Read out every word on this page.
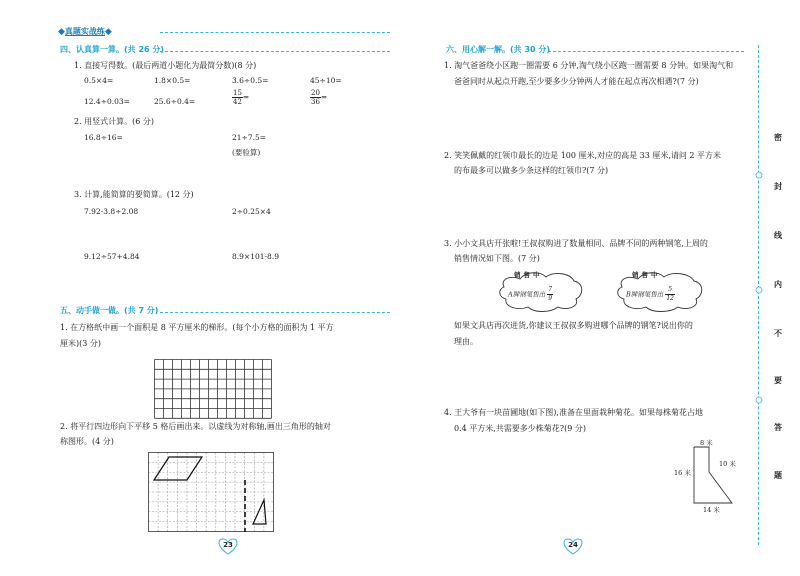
◆真题实战练◆
四、认真算一算。(共 26 分)
1. 直接写得数。(最后两道小题化为最简分数)(8 分)
0.5×4=	1.8×0.5=	3.6÷0.5=	45÷10=
12.4÷0.03=	25.6÷0.4=	$\frac{15}{42}$ =	$\frac{20}{36}$ =
2. 用竖式计算。(6 分)
16.8÷16=	21÷7.5=
(要验算)
3. 计算,能简算的要简算。(12 分)
7.92-3.8÷2.08	2÷0.25×4
9.12÷57+4.84	8.9×101-8.9
五、动手做一做。(共 7 分)
1. 在方格纸中画一个面积是 8 平方厘米的梯形。(每个小方格的面积为 1 平方
厘米)(3 分)
2. 将平行四边形向下平移 5 格后画出来。以虚线为对称轴,画出三角形的轴对
称图形。(4 分)
23
六、用心解一解。(共 30 分)
1. 淘气爸爸绕小区跑一圈需要 6 分钟,淘气绕小区跑一圈需要 8 分钟。如果淘气和
爸爸同时从起点开跑,至少要多少分钟两人才能在起点再次相遇?(7 分)
2. 笑笑佩戴的红领巾最长的边是 100 厘米,对应的高是 33 厘米,请问 2 平方米
的布最多可以做多少条这样的红领巾?(7 分)
3. 小小文具店开张啦!王叔叔购进了数量相同、品牌不同的两种钢笔,上周的
销售情况如下图。(7 分)
销售中
A牌钢笔售出 $\frac{7}{9}$
销售中
B牌钢笔售出 $\frac{5}{12}$
如果文具店再次进货,你建议王叔叔多购进哪个品牌的钢笔?说出你的
理由。
4. 王大爷有一块苗圃地(如下图),准备在里面栽种菊花。如果每株菊花占地
0.4 平方米,共需要多少株菊花?(9 分)
8 米
16 米
10 米
14 米
24
密
封
线
内
不
要
答
题
